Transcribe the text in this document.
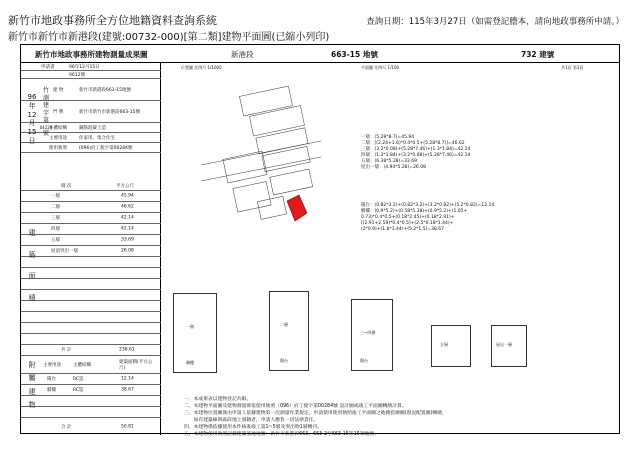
新竹市地政事務所全方位地籍資料查詢系統	查詢日期：115年3月27日（如需登記謄本，請向地政事務所申請。）
新竹市新竹市新港段(建號:00732-000)[第二類]建物平面圖(已縮小列印)
新竹市地政事務所建物測量成果圖	新港段	663-15 地號	732 建號
申請書	96年12月15日
9612號
建 物	新竹市新港段663-15地號
門 牌	新竹市新竹市新港段663-15號
主體結構	鋼筋混凝土造
主要用途	住家用、集合住宅
使用執照	(096)府工使字第00284號
96
年
12
月
15
日
竹
測
建
字
第
04226
號
層 次	平方公尺
一層	45.94
二層	46.62
三層	42.14
四層	42.14
五層	33.69
屋頂突出一層	26.08
共 計	236.61
建
築
面
積
主要用途	主體結構
建築面積(平方公尺)
陽台	RC造	12.14
騎樓	RC造	38.67
合 計	50.81
附
屬
建
物
位置圖 比例尺 1/1000	平面圖 比例尺 1/100	共1頁 第1頁
一層：(5.28*8.7)=45.94
二層：[(2.24+1.6)*0.4*0.5+(5.28*8.7)]=46.62
三層：(3.2*0.08)+(5.28*7.46)+(1.3*1.84)=42.14
四層：(1.3*1.84)+(3.2*0.08)+(5.28*7.46)=42.14
五層：(6.38*5.28)=33.69
屋出一層：(4.94*5.28)=26.08
陽台：(0.82*3.2)+(0.82*3.2)+(3.2*0.82)+(5.2*0.82)=12.14
騎樓：(0.9*5.2)+(0.58*5.38)+(0.9*5.2)+(1.05+
0.73)*0.4*0.5+(0.18*2.45)+(0.18*2.91)+
[(2.91+2.59)*0.4*0.5]+(2.5*0.18*1.44)+
(2*0.9)+(1.8*3.44)+(5.2*1.5)=38.67
一層
騎樓
二層
陽台
三~四層
陽台
五層	屋出一層
一、本成果表以建物登記為限。
二、本建物平面圖及建物測量係依使用執照（096）府工使字第00284號 設計圖或竣工平面圖轉繪計算。
三、本建物位置圖係由申請人依據建物第一次測量作業規定，申請使用使用執照竣工平面圖之地籍套繪圖(現況配置圖)轉繪，
　　如有建築線與區段地上發籍者，申請人應負一切法律責任。
四、本建物係依據使用本件核准竣工第1~5層及突出物1層轉刊。
五、本建物使用執照記載建築基地地號：新竹市新港段663、663-2至663-15等15筆地號。
